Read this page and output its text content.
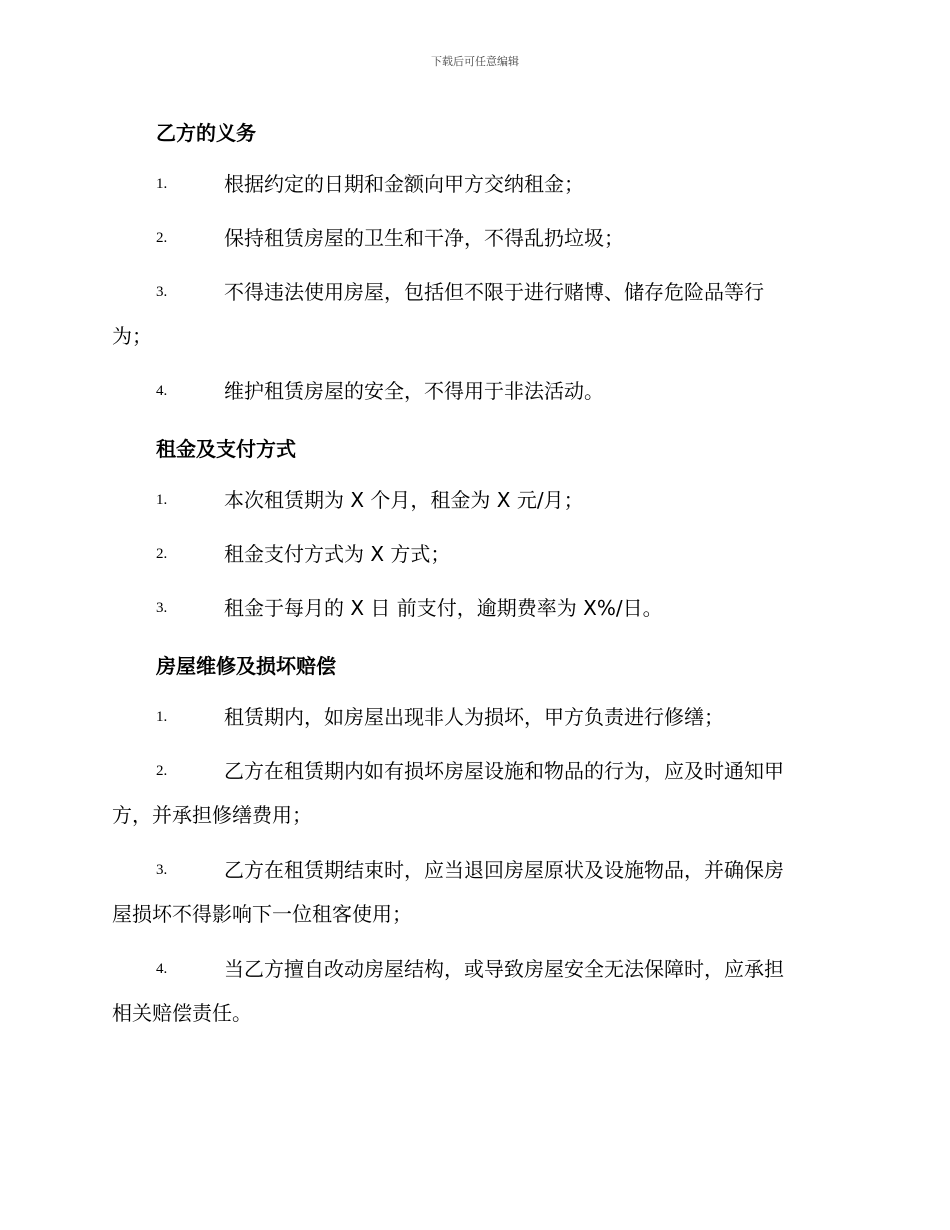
下载后可任意编辑
乙方的义务
1.	根据约定的日期和金额向甲方交纳租金；
2.	保持租赁房屋的卫生和干净，不得乱扔垃圾；
3.	不得违法使用房屋，包括但不限于进行赌博、储存危险品等行
为；
4.	维护租赁房屋的安全，不得用于非法活动。
租金及支付方式
1.	本次租赁期为 X 个月，租金为 X 元/月；
2.	租金支付方式为 X 方式；
3.	租金于每月的 X 日 前支付，逾期费率为 X%/日。
房屋维修及损坏赔偿
1.	租赁期内，如房屋出现非人为损坏，甲方负责进行修缮；
2.	乙方在租赁期内如有损坏房屋设施和物品的行为，应及时通知甲
方，并承担修缮费用；
3.	乙方在租赁期结束时，应当退回房屋原状及设施物品，并确保房
屋损坏不得影响下一位租客使用；
4.	当乙方擅自改动房屋结构，或导致房屋安全无法保障时，应承担
相关赔偿责任。
